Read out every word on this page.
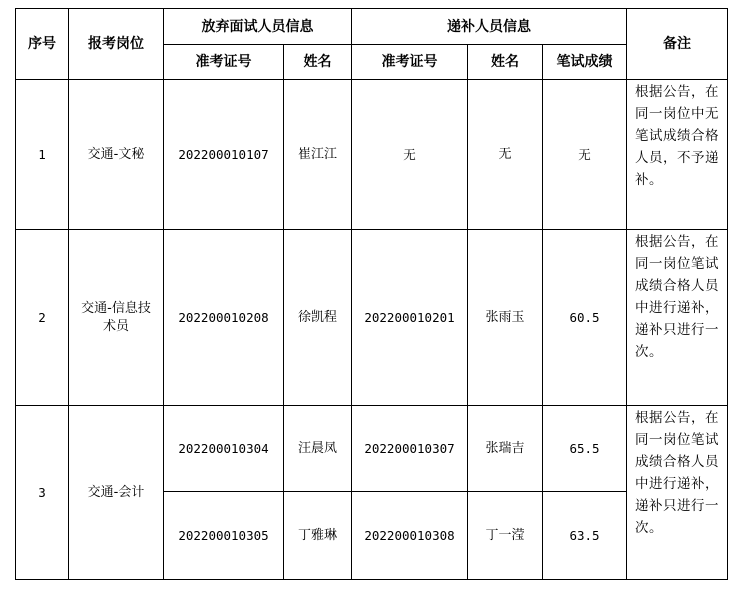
序号	报考岗位	放弃面试人员信息		递补人员信息			备注
		准考证号	姓名	准考证号	姓名	笔试成绩	
1	交通-文秘	202200010107	崔江江	无	无	无	根据公告，在同一岗位中无笔试成绩合格人员，不予递补。

2	交通-信息技术员	202200010208	徐凯程	202200010201	张雨玉	60.5	根据公告，在同一岗位笔试成绩合格人员中进行递补，递补只进行一次。

3	交通-会计	202200010304	汪晨凤	202200010307	张瑞吉	65.5	根据公告，在同一岗位笔试成绩合格人员中进行递补，递补只进行一次。

		202200010305	丁雅琳	202200010308	丁一滢	63.5	
